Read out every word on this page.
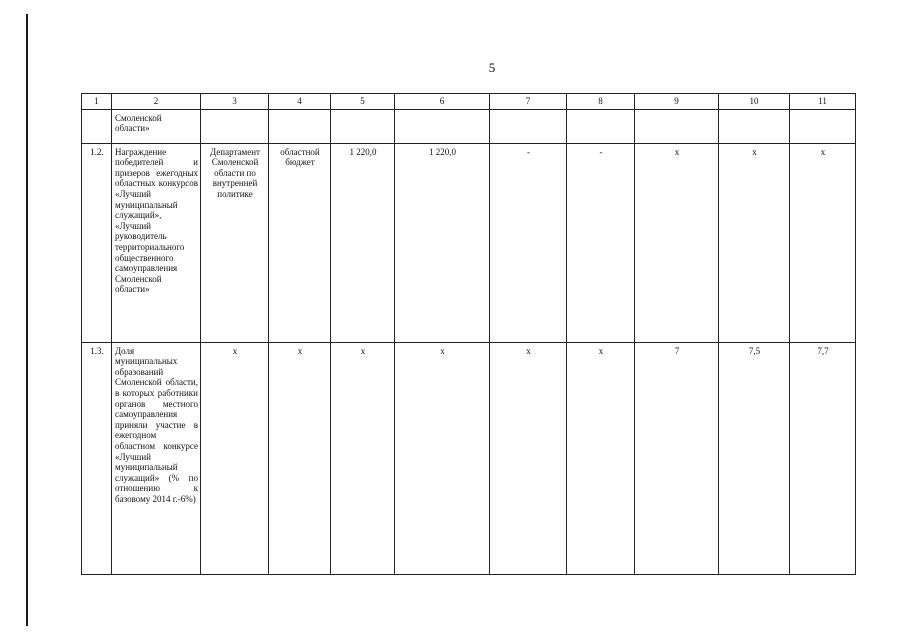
5
1	2	3	4	5	6	7	8	9	10	11
	Смоленской области»									
1.2.	Награждение победителей и призеров ежегодных областных конкурсов «Лучший муниципальный служащий», «Лучший руководитель территориального общественного самоуправления Смоленской области»	Департамент Смоленской области по внутренней политике	областной бюджет	1 220,0	1 220,0	-	-	х	х	х
1.3.	Доля муниципальных образований Смоленской области, в которых работники органов местного самоуправления приняли участие в ежегодном областном конкурсе «Лучший муниципальный служащий» (% по отношению к базовому 2014 г.-6%)	х	х	х	х	х	х	7	7,5	7,7
